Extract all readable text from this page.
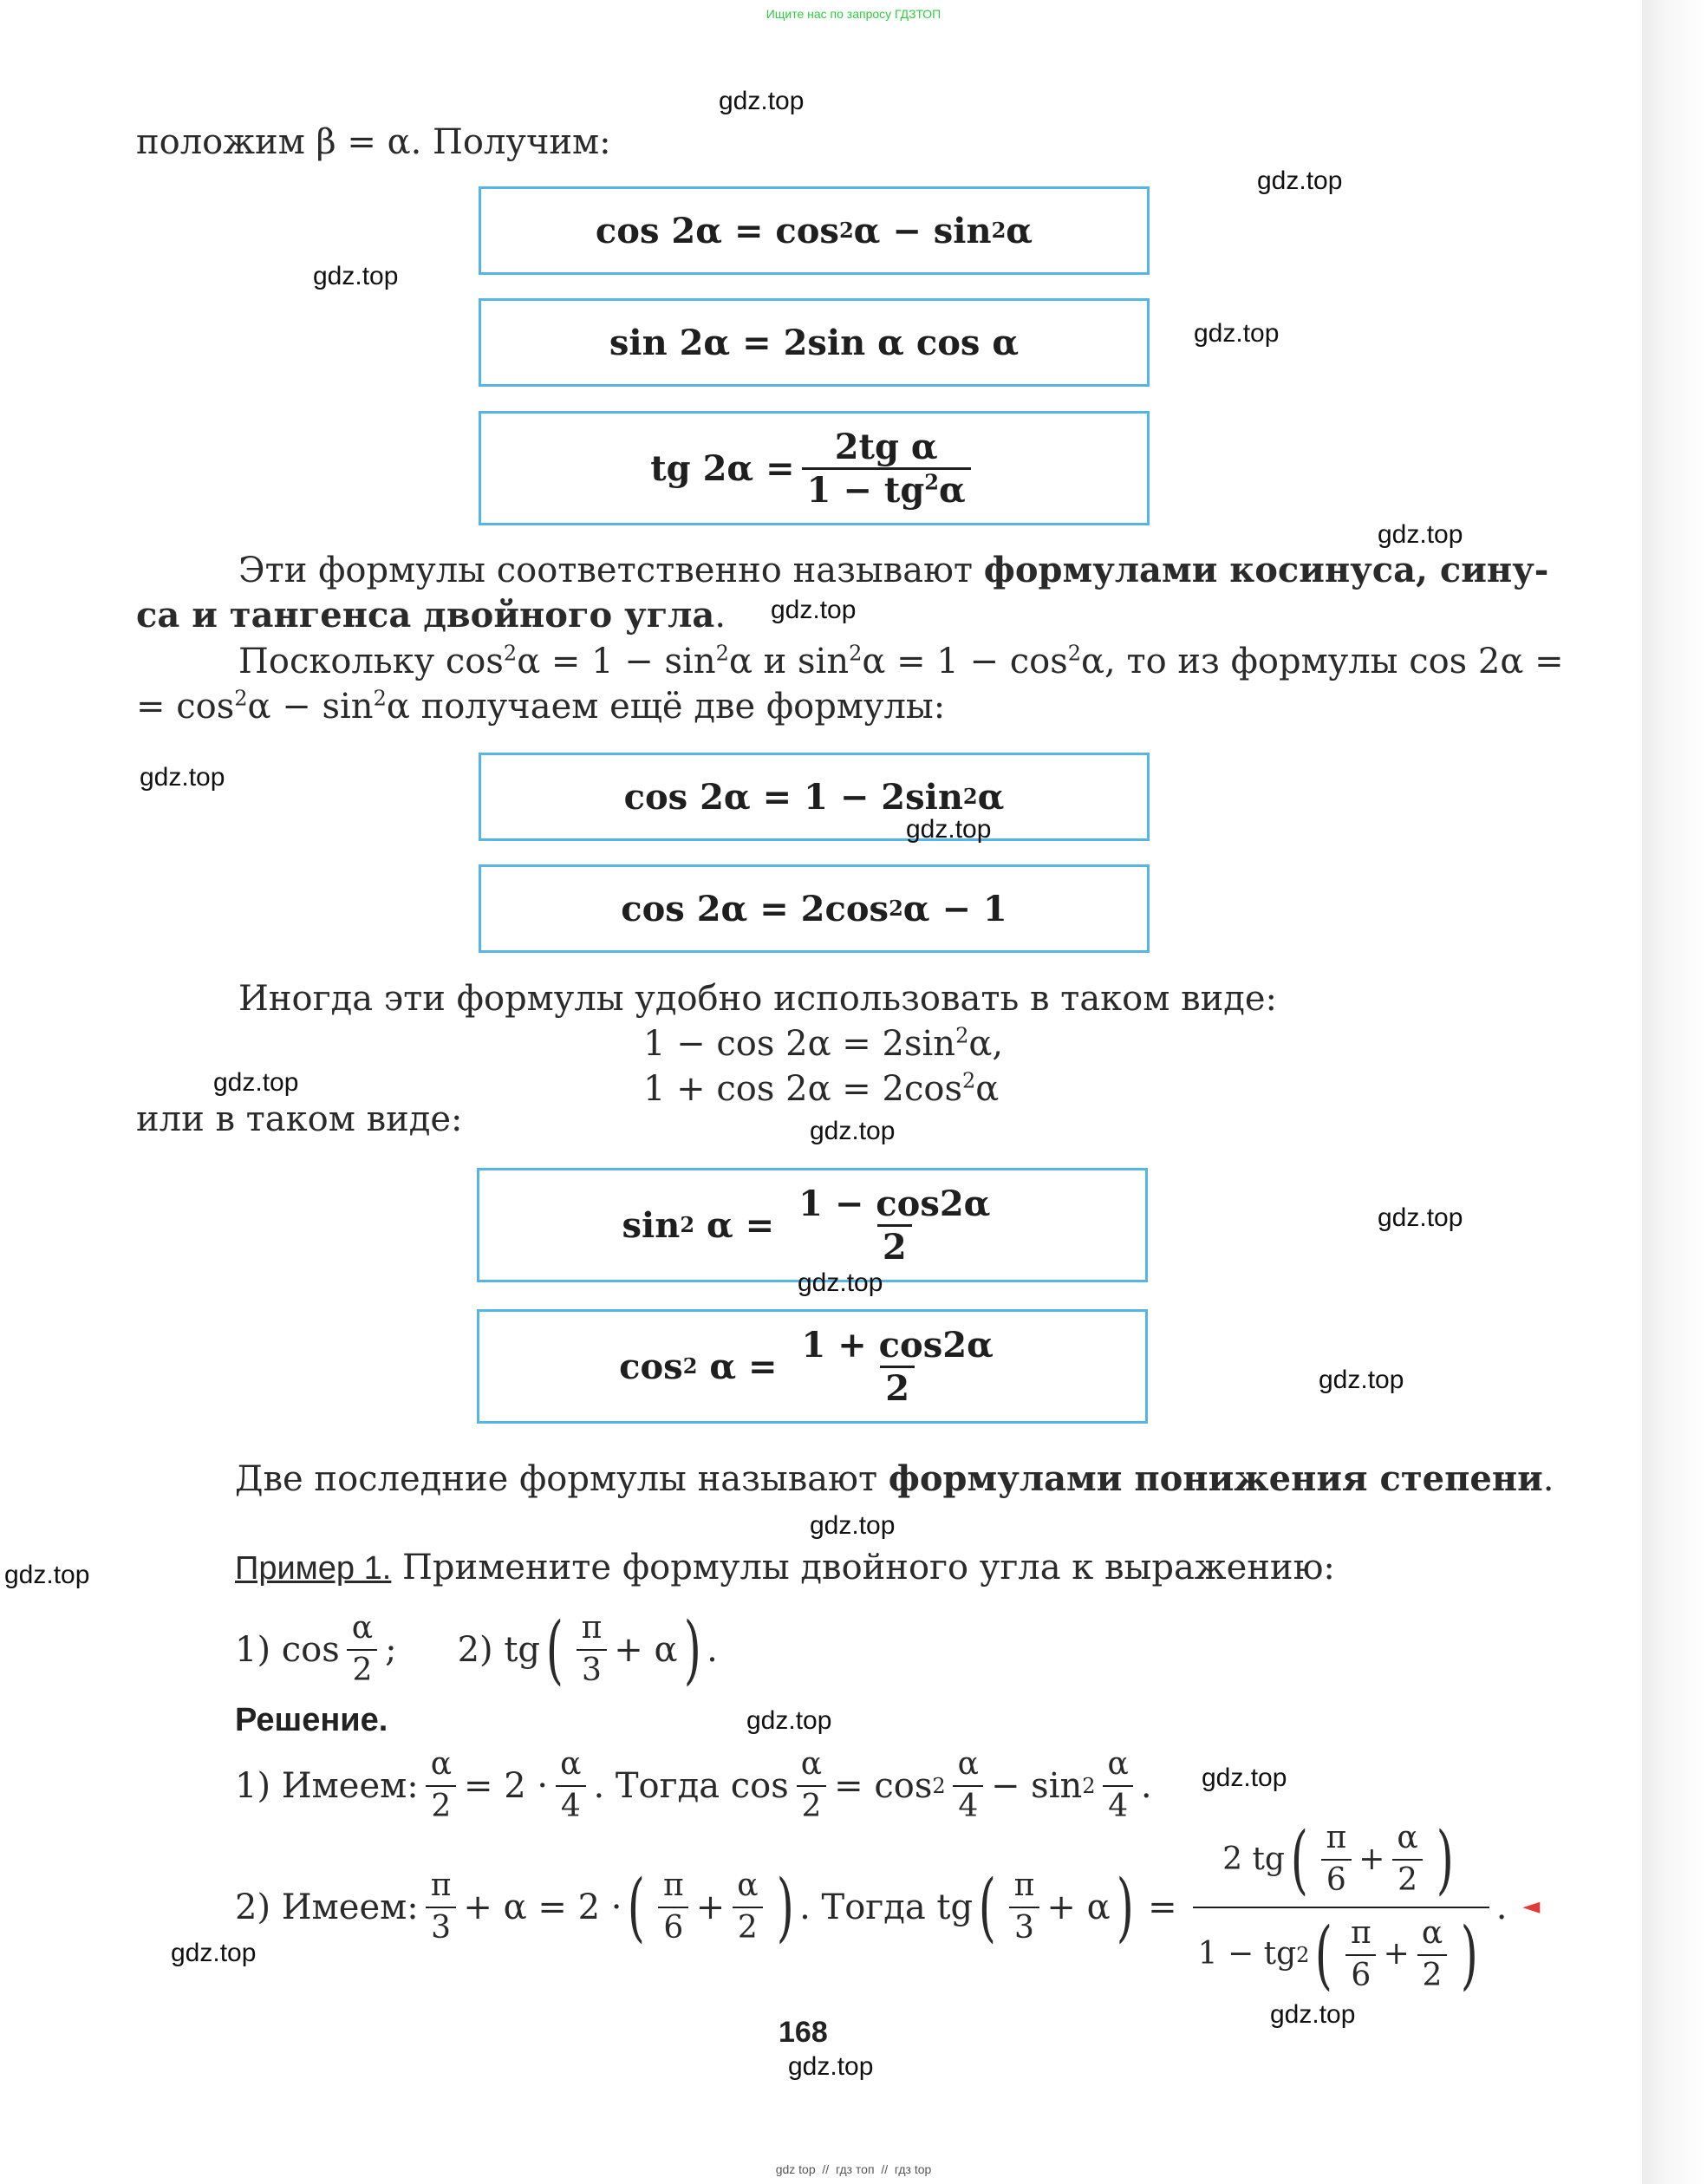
Ищите нас по запросу ГДЗТОП
положим β = α. Получим:
cos 2α = cos 2 α − sin 2 α
sin 2α = 2sin α cos α
tg $2\alpha = \frac{\text{2tg α}}{1 - tg^2\alpha}$
Эти формулы соответственно называют формулами косинуса, сину-
са и тангенса двойного угла.
Поскольку $\cos^2\alpha = 1 - \sin^2\alpha$ и $\sin^2\alpha = 1 - \cos^2\alpha$, то из формулы cos 2α =
= $\cos^2\alpha - \sin^2\alpha$ получаем ещё две формулы:
cos 2α = 1 − 2sin 2 α
cos 2α = 2cos 2 α − 1
Иногда эти формулы удобно использовать в таком виде:
$1 - \cos 2\alpha = 2\sin^2\alpha$,
$1 + \cos 2\alpha = 2\cos^2\alpha$
или в таком виде:
sin 2 $\alpha = \frac{1 - \cos 2\alpha}{2}$
cos 2 $\alpha = \frac{1 + \cos 2\alpha}{2}$
Две последние формулы называют формулами понижения степени.
Пример 1. Примените формулы двойного угла к выражению:
1) $\cos \frac{\alpha}{2}$ ; 2) tg ( $\frac{\pi}{3} + \alpha$ ) .
Решение.
1) Имеем: $\frac{\alpha}{2} = 2 \cdot \frac{\alpha}{4}$ . Тогда $\cos \frac{\alpha}{2} = \cos 2 \frac{\alpha}{4} - \sin 2 \frac{\alpha}{4}$ .
2) Имеем: $\frac{\pi}{3} + \alpha = 2$ · ( $\frac{\pi}{6} + \frac{\alpha}{2}$ ) . Тогда tg ( $\frac{\pi}{3} + \alpha$ ) = $\frac{2 tg ( \frac{\pi}{6} + \frac{\alpha}{2} )}{1 - tg 2 ( \frac{\pi}{6} + \frac{\alpha}{2} )}$ . ◄
168
gdz top  //  гдз топ  //  гдз top
gdz.top
gdz.top
gdz.top
gdz.top
gdz.top
gdz.top
gdz.top
gdz.top
gdz.top
gdz.top
gdz.top
gdz.top
gdz.top
gdz.top
gdz.top
gdz.top
gdz.top
gdz.top
gdz.top
gdz.top
